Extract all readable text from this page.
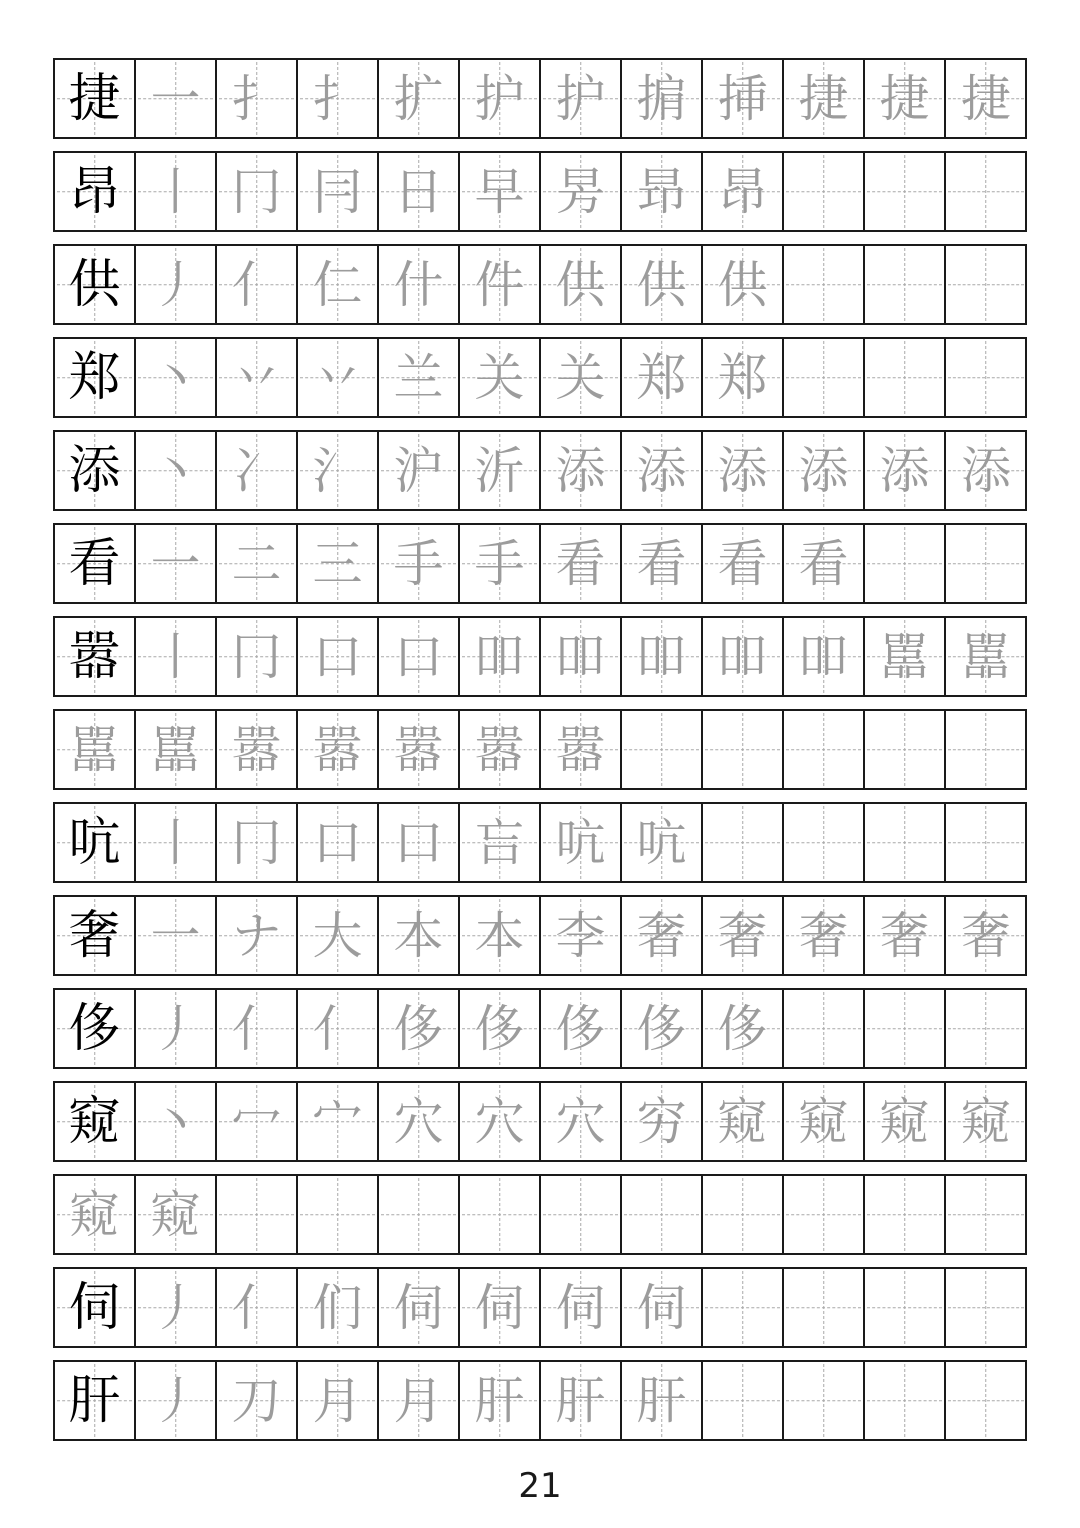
捷 一 扌 扌 扩 护 护 掮 挿 捷 捷 捷
昂 丨 冂 冃 日 早 昘 昻 昂
供 丿 亻 仁 什 件 供 供 供
郑 丶 丷 丷 兰 关 关 郑 郑
添 丶 冫 氵 沪 沂 添 添 添 添 添 添
看 一 二 三 手 手 看 看 看 看
嚣 丨 冂 口 口 吅 吅 吅 吅 吅 嚚 嚚
嚚 嚚 嚣 嚣 嚣 嚣 嚣
吭 丨 冂 口 口 吂 吭 吭
奢 一 ナ 大 本 本 李 奢 奢 奢 奢 奢
侈 丿 亻 亻 侈 侈 侈 侈 侈
窥 丶 冖 宀 穴 穴 穴 穷 窥 窥 窥 窥
窥 窥
伺 丿 亻 们 伺 伺 伺 伺
肝 丿 刀 月 月 肝 肝 肝
21
